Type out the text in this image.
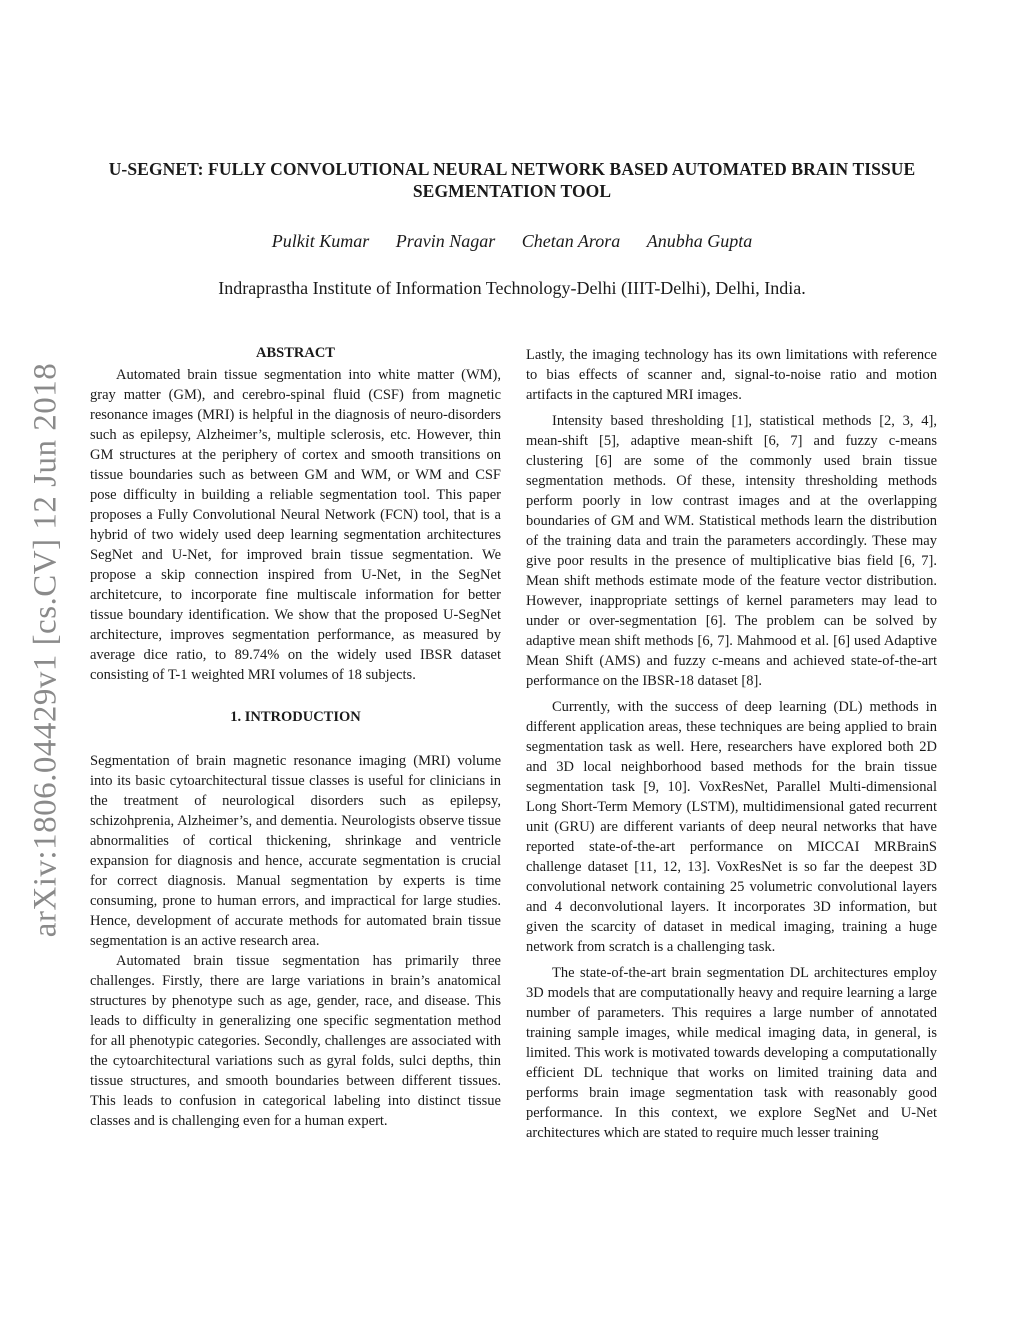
arXiv:1806.04429v1 [cs.CV] 12 Jun 2018
U-SEGNET: FULLY CONVOLUTIONAL NEURAL NETWORK BASED AUTOMATED BRAIN TISSUE SEGMENTATION TOOL
Pulkit Kumar Pravin Nagar Chetan Arora Anubha Gupta
Indraprastha Institute of Information Technology-Delhi (IIIT-Delhi), Delhi, India.
ABSTRACT

Automated brain tissue segmentation into white matter (WM), gray matter (GM), and cerebro-spinal fluid (CSF) from magnetic resonance images (MRI) is helpful in the diagnosis of neuro-disorders such as epilepsy, Alzheimer’s, multiple sclerosis, etc. However, thin GM structures at the periphery of cortex and smooth transitions on tissue boundaries such as between GM and WM, or WM and CSF pose difficulty in building a reliable segmentation tool. This paper proposes a Fully Convolutional Neural Network (FCN) tool, that is a hybrid of two widely used deep learning segmentation architectures SegNet and U-Net, for improved brain tissue segmentation. We propose a skip connection inspired from U-Net, in the SegNet architetcure, to incorporate fine multiscale information for better tissue boundary identification. We show that the proposed U-SegNet architecture, improves segmentation performance, as measured by average dice ratio, to 89.74% on the widely used IBSR dataset consisting of T-1 weighted MRI volumes of 18 subjects.

1. INTRODUCTION

Segmentation of brain magnetic resonance imaging (MRI) volume into its basic cytoarchitectural tissue classes is useful for clinicians in the treatment of neurological disorders such as epilepsy, schizohprenia, Alzheimer’s, and dementia. Neurologists observe tissue abnormalities of cortical thickening, shrinkage and ventricle expansion for diagnosis and hence, accurate segmentation is crucial for correct diagnosis. Manual segmentation by experts is time consuming, prone to human errors, and impractical for large studies. Hence, development of accurate methods for automated brain tissue segmentation is an active research area.

Automated brain tissue segmentation has primarily three challenges. Firstly, there are large variations in brain’s anatomical structures by phenotype such as age, gender, race, and disease. This leads to difficulty in generalizing one specific segmentation method for all phenotypic categories. Secondly, challenges are associated with the cytoarchitectural variations such as gyral folds, sulci depths, thin tissue structures, and smooth boundaries between different tissues. This leads to confusion in categorical labeling into distinct tissue classes and is challenging even for a human expert.

Lastly, the imaging technology has its own limitations with reference to bias effects of scanner and, signal-to-noise ratio and motion artifacts in the captured MRI images.

Intensity based thresholding [1], statistical methods [2, 3, 4], mean-shift [5], adaptive mean-shift [6, 7] and fuzzy c-means clustering [6] are some of the commonly used brain tissue segmentation methods. Of these, intensity thresholding methods perform poorly in low contrast images and at the overlapping boundaries of GM and WM. Statistical methods learn the distribution of the training data and train the parameters accordingly. These may give poor results in the presence of multiplicative bias field [6, 7]. Mean shift methods estimate mode of the feature vector distribution. However, inappropriate settings of kernel parameters may lead to under or over-segmentation [6]. The problem can be solved by adaptive mean shift methods [6, 7]. Mahmood et al. [6] used Adaptive Mean Shift (AMS) and fuzzy c-means and achieved state-of-the-art performance on the IBSR-18 dataset [8].

Currently, with the success of deep learning (DL) methods in different application areas, these techniques are being applied to brain segmentation task as well. Here, researchers have explored both 2D and 3D local neighborhood based methods for the brain tissue segmentation task [9, 10]. VoxResNet, Parallel Multi-dimensional Long Short-Term Memory (LSTM), multidimensional gated recurrent unit (GRU) are different variants of deep neural networks that have reported state-of-the-art performance on MICCAI MRBrainS challenge dataset [11, 12, 13]. VoxResNet is so far the deepest 3D convolutional network containing 25 volumetric convolutional layers and 4 deconvolutional layers. It incorporates 3D information, but given the scarcity of dataset in medical imaging, training a huge network from scratch is a challenging task.

The state-of-the-art brain segmentation DL architectures employ 3D models that are computationally heavy and require learning a large number of parameters. This requires a large number of annotated training sample images, while medical imaging data, in general, is limited. This work is motivated towards developing a computationally efficient DL technique that works on limited training data and performs brain image segmentation task with reasonably good performance. In this context, we explore SegNet and U-Net architectures which are stated to require much lesser training
